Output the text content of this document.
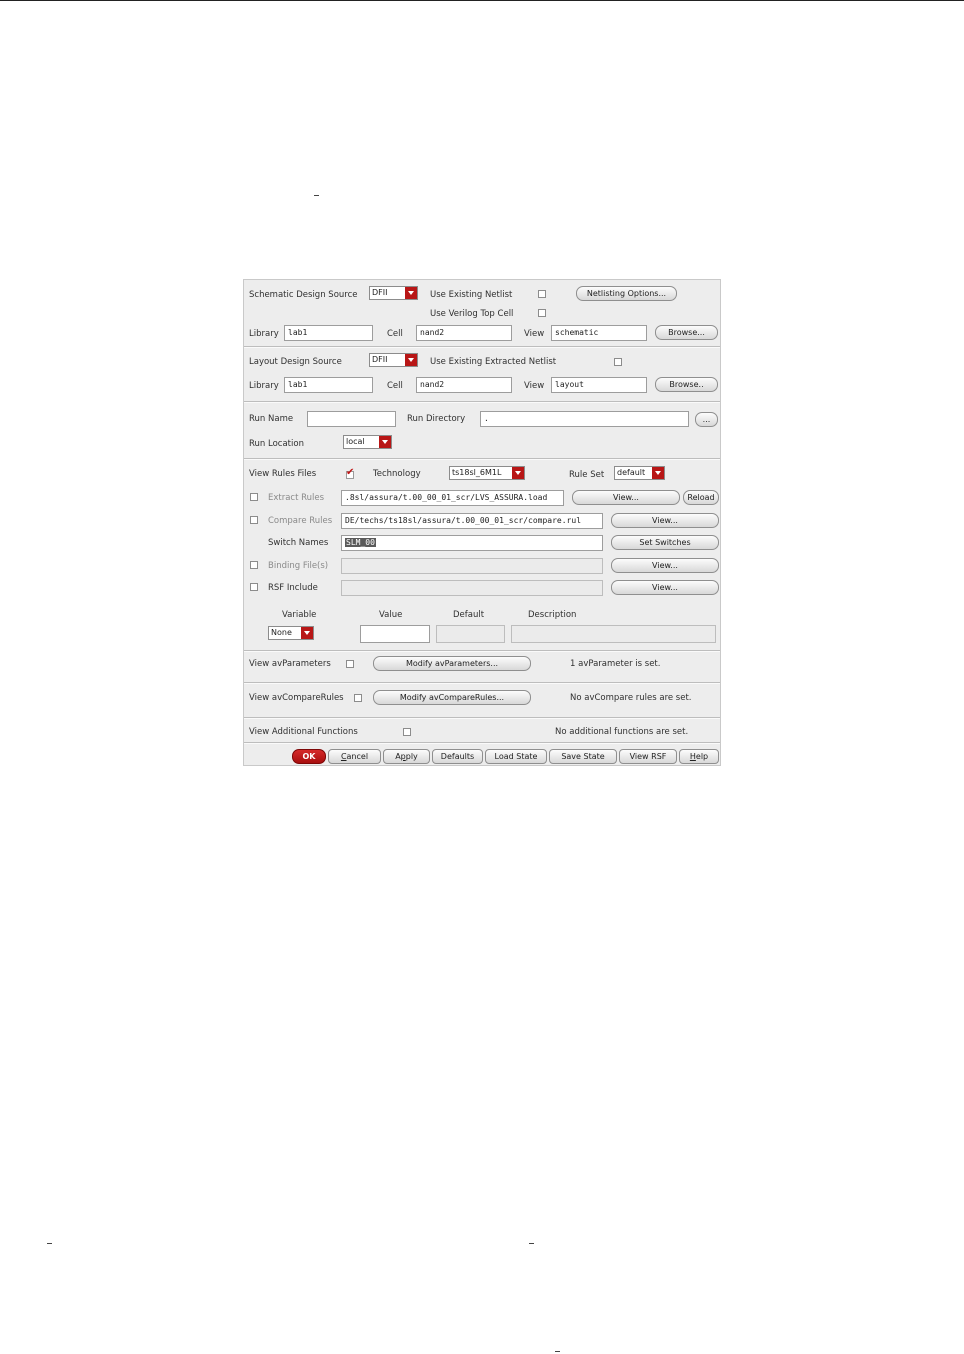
Schematic Design Source DFII	Use Existing Netlist	Netlisting Options...
Use Verilog Top Cell
Library	lab1	Cell	nand2	View	schematic	Browse...
Layout Design Source	DFII	Use Existing Extracted Netlist
Library	lab1	Cell	nand2	View	layout	Browse..
Run Name	Run Directory	.	...
Run Location	local
View Rules Files
✔	Technology	ts18sl_6M1L	Rule Set default
Extract Rules	.8sl/assura/t.00_00_01_scr/LVS_ASSURA.load	View...	Reload
Compare Rules	DE/techs/ts18sl/assura/t.00_00_01_scr/compare.rul	View...
Switch Names	SLM_00	Set Switches
Binding File(s)	View...
RSF Include	View...
Variable	Value	Default	Description
None
View avParameters	Modify avParameters...	1 avParameter is set.
View avCompareRules	Modify avCompareRules...	No avCompare rules are set.
View Additional Functions	No additional functions are set.
OK	Cancel	Apply	Defaults	Load State	Save State	View RSF	Help
